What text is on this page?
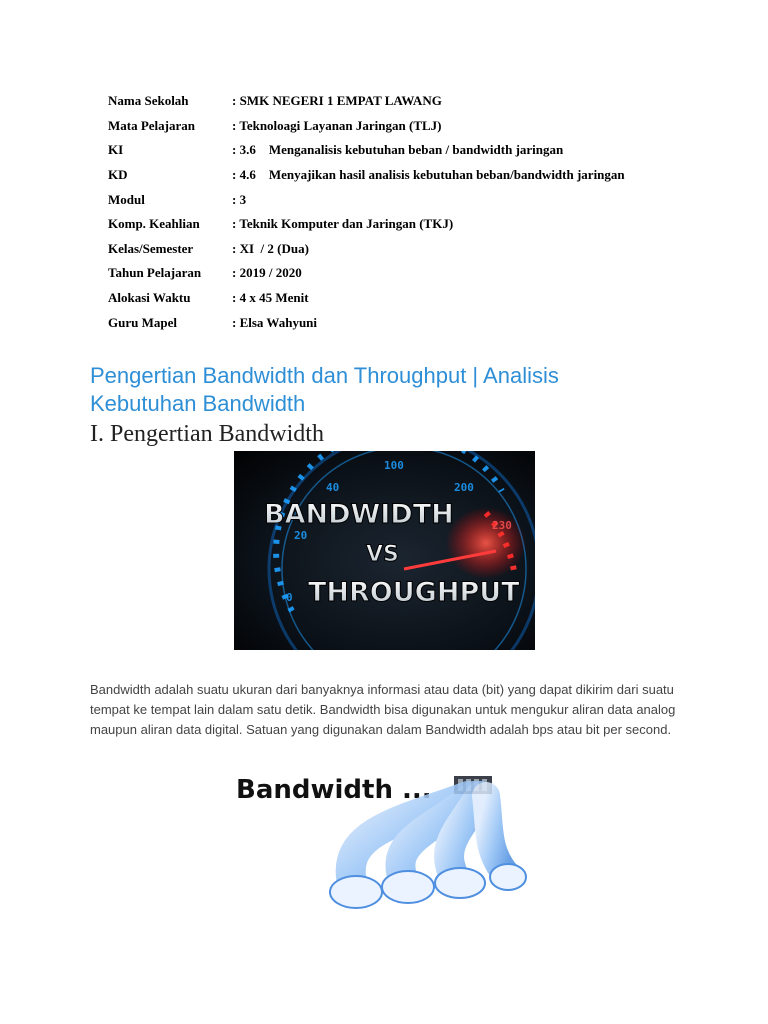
Nama Sekolah	: SMK NEGERI 1 EMPAT LAWANG
Mata Pelajaran	: Teknoloagi Layanan Jaringan (TLJ)
KI	: 3.6    Menganalisis kebutuhan beban / bandwidth jaringan
KD	: 4.6    Menyajikan hasil analisis kebutuhan beban/bandwidth jaringan
Modul	: 3
Komp. Keahlian	: Teknik Komputer dan Jaringan (TKJ)
Kelas/Semester	: XI  / 2 (Dua)
Tahun Pelajaran	: 2019 / 2020
Alokasi Waktu	: 4 x 45 Menit
Guru Mapel	: Elsa Wahyuni
Pengertian Bandwidth dan Throughput | Analisis Kebutuhan Bandwidth
I. Pengertian Bandwidth
0
20
40
100
200
230
BANDWIDTH
VS
THROUGHPUT

Bandwidth adalah suatu ukuran dari banyaknya informasi atau data (bit) yang dapat dikirim dari suatu tempat ke tempat lain dalam satu detik. Bandwidth bisa digunakan untuk mengukur aliran data analog maupun aliran data digital. Satuan yang digunakan dalam Bandwidth adalah bps atau bit per second.

Bandwidth ...
